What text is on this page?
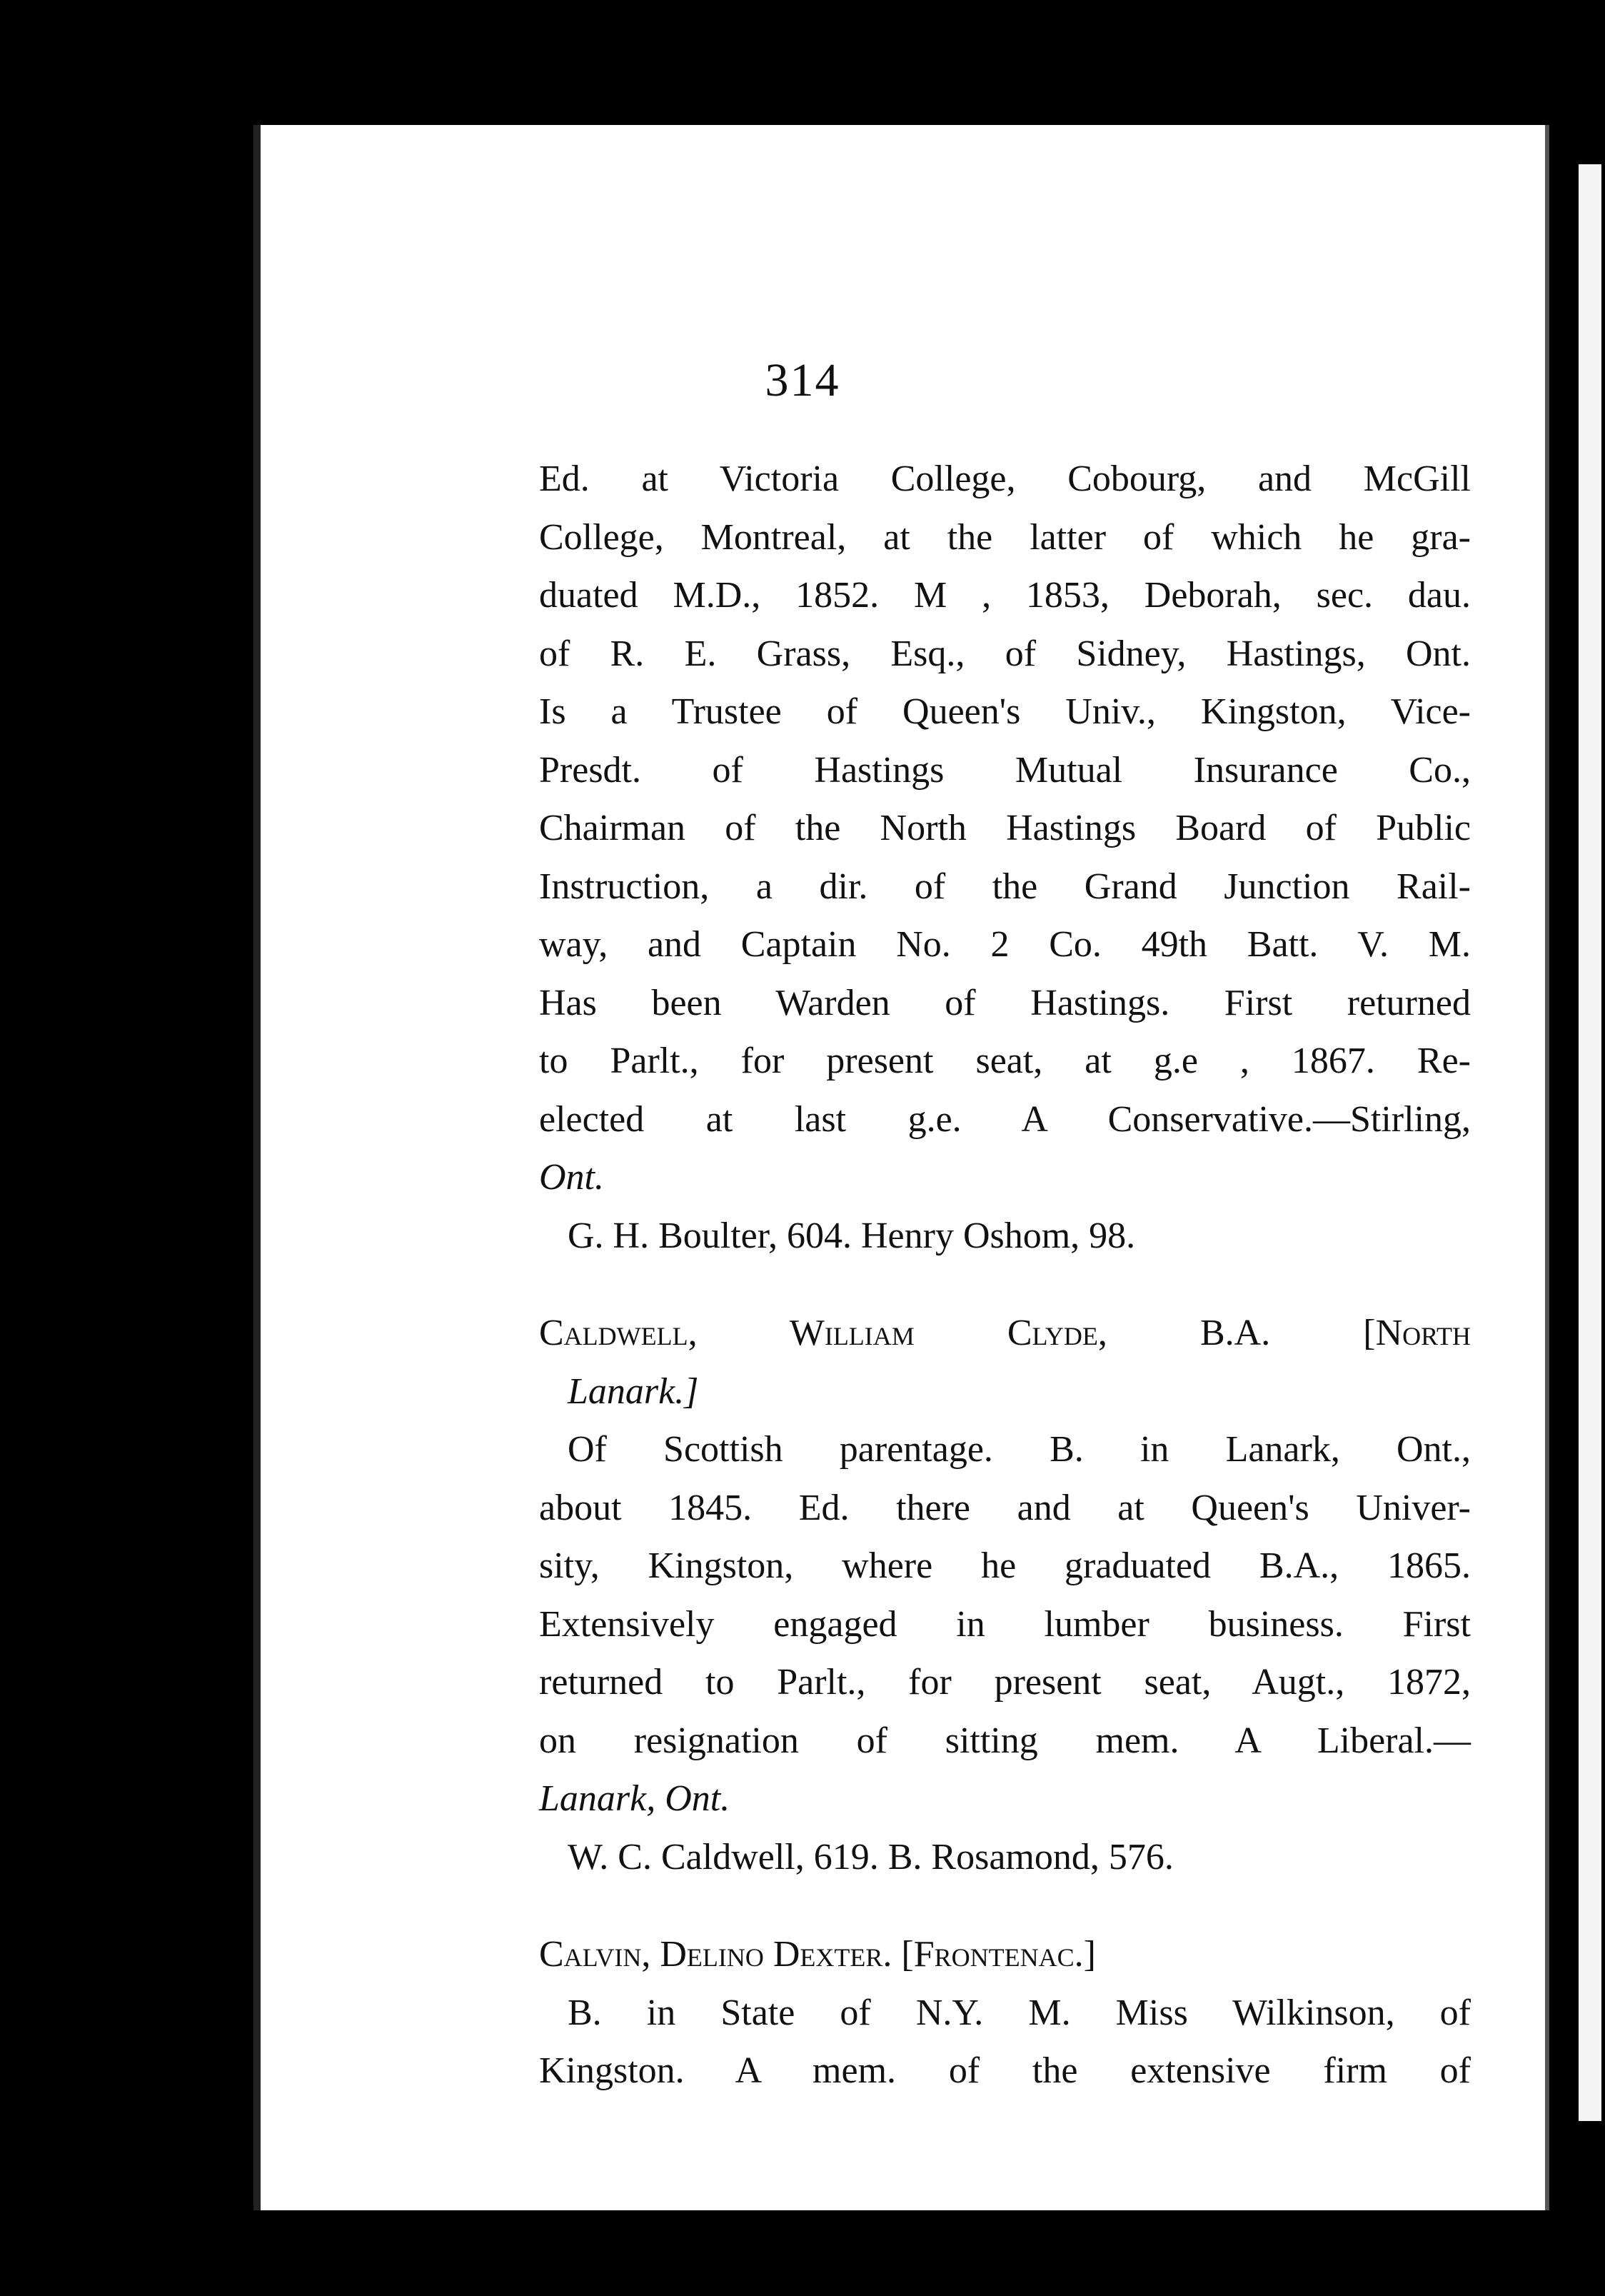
314
Ed. at Victoria College, Cobourg, and McGill
College, Montreal, at the latter of which he gra-
duated M.D., 1852. M , 1853, Deborah, sec. dau.
of R. E. Grass, Esq., of Sidney, Hastings, Ont.
Is a Trustee of Queen's Univ., Kingston, Vice-
Presdt. of Hastings Mutual Insurance Co.,
Chairman of the North Hastings Board of Public
Instruction, a dir. of the Grand Junction Rail-
way, and Captain No. 2 Co. 49th Batt. V. M.
Has been Warden of Hastings. First returned
to Parlt., for present seat, at g.e , 1867. Re-
elected at last g.e. A Conservative.—Stirling,
Ont.
G. H. Boulter, 604. Henry Oshom, 98.
Caldwell, William Clyde, B.A. [North
Lanark.]
Of Scottish parentage. B. in Lanark, Ont.,
about 1845. Ed. there and at Queen's Univer-
sity, Kingston, where he graduated B.A., 1865.
Extensively engaged in lumber business. First
returned to Parlt., for present seat, Augt., 1872,
on resignation of sitting mem. A Liberal.—
Lanark, Ont.
W. C. Caldwell, 619. B. Rosamond, 576.
Calvin, Delino Dexter. [Frontenac.]
B. in State of N.Y. M. Miss Wilkinson, of
Kingston. A mem. of the extensive firm of
